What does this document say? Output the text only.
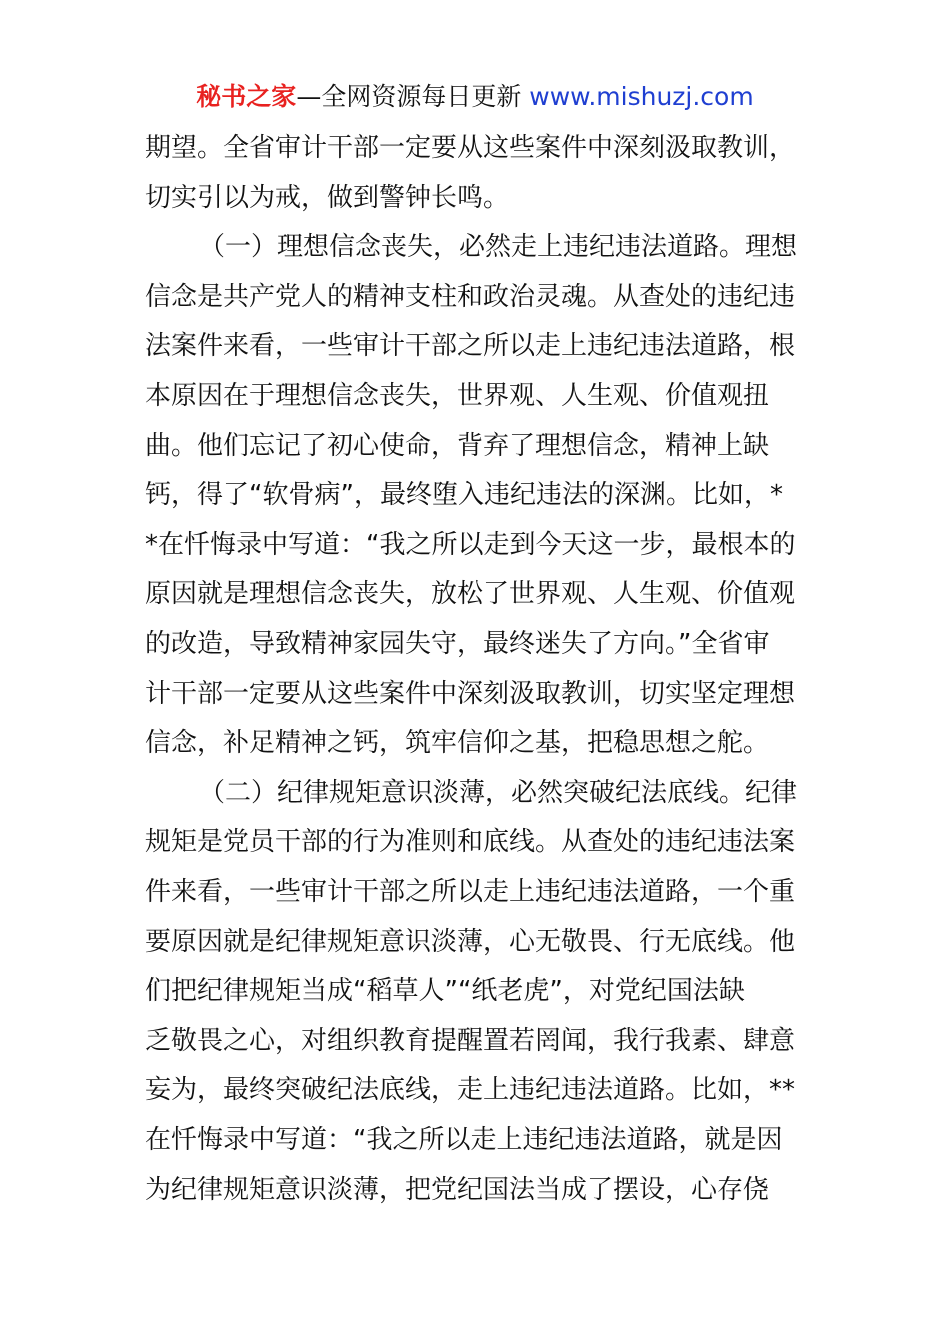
秘书之家—全网资源每日更新 www.mishuzj.com
期望。全省审计干部一定要从这些案件中深刻汲取教训，
切实引以为戒，做到警钟长鸣。
（一）理想信念丧失，必然走上违纪违法道路。理想
信念是共产党人的精神支柱和政治灵魂。从查处的违纪违
法案件来看，一些审计干部之所以走上违纪违法道路，根
本原因在于理想信念丧失，世界观、人生观、价值观扭
曲。他们忘记了初心使命，背弃了理想信念，精神上缺
钙，得了“软骨病”，最终堕入违纪违法的深渊。比如，*
*在忏悔录中写道：“我之所以走到今天这一步，最根本的
原因就是理想信念丧失，放松了世界观、人生观、价值观
的改造，导致精神家园失守，最终迷失了方向。”全省审
计干部一定要从这些案件中深刻汲取教训，切实坚定理想
信念，补足精神之钙，筑牢信仰之基，把稳思想之舵。
（二）纪律规矩意识淡薄，必然突破纪法底线。纪律
规矩是党员干部的行为准则和底线。从查处的违纪违法案
件来看，一些审计干部之所以走上违纪违法道路，一个重
要原因就是纪律规矩意识淡薄，心无敬畏、行无底线。他
们把纪律规矩当成“稻草人”“纸老虎”，对党纪国法缺
乏敬畏之心，对组织教育提醒置若罔闻，我行我素、肆意
妄为，最终突破纪法底线，走上违纪违法道路。比如，**
在忏悔录中写道：“我之所以走上违纪违法道路，就是因
为纪律规矩意识淡薄，把党纪国法当成了摆设，心存侥
